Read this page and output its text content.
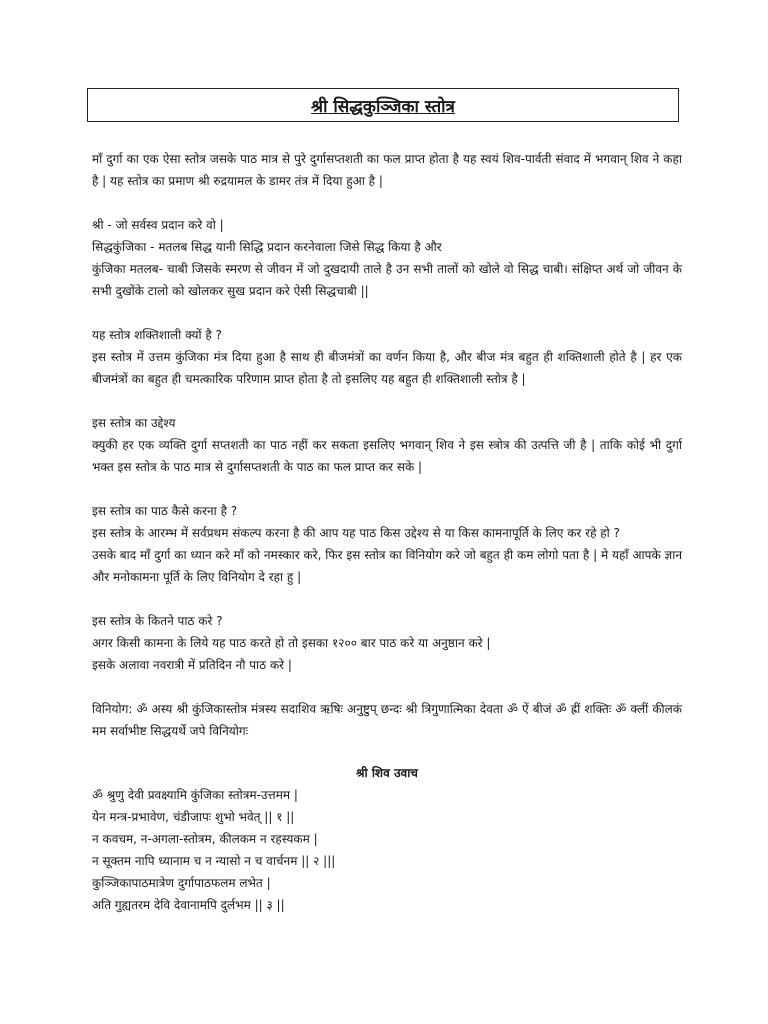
श्री सिद्धकुञ्जिका स्तोत्र

माँ दुर्गा का एक ऐसा स्तोत्र जसके पाठ मात्र से पुरे दुर्गासप्तशती का फल प्राप्त होता है यह स्वयं शिव-पार्वती संवाद में भगवान् शिव ने कहा है | यह स्तोत्र का प्रमाण श्री रुद्रयामल के डामर तंत्र में दिया हुआ है |

श्री - जो सर्वस्व प्रदान करे वो |

सिद्धकुंजिका - मतलब सिद्ध यानी सिद्धि प्रदान करनेवाला जिसे सिद्ध किया है और

कुंजिका मतलब- चाबी जिसके स्मरण से जीवन में जो दुखदायी ताले है उन सभी तालों को खोले वो सिद्ध चाबी। संक्षिप्त अर्थ जो जीवन के सभी दुखोंके टालो को खोलकर सुख प्रदान करे ऐसी सिद्धचाबी ||

यह स्तोत्र शक्तिशाली क्यों है ?

इस स्तोत्र में उत्तम कुंजिका मंत्र दिया हुआ है साथ ही बीजमंत्रों का वर्णन किया है, और बीज मंत्र बहुत ही शक्तिशाली होते है | हर एक बीजमंत्रों का बहुत ही चमत्कारिक परिणाम प्राप्त होता है तो इसलिए यह बहुत ही शक्तिशाली स्तोत्र है |

इस स्तोत्र का उद्देश्य

क्युकी हर एक व्यक्ति दुर्गा सप्तशती का पाठ नहीं कर सकता इसलिए भगवान् शिव ने इस स्त्रोत्र की उत्पत्ति जी है | ताकि कोई भी दुर्गा भक्त इस स्तोत्र के पाठ मात्र से दुर्गासप्तशती के पाठ का फल प्राप्त कर सके |

इस स्तोत्र का पाठ कैसे करना है ?

इस स्तोत्र के आरम्भ में सर्वप्रथम संकल्प करना है की आप यह पाठ किस उद्देश्य से या किस कामनापूर्ति के लिए कर रहे हो ?

उसके बाद माँ दुर्गा का ध्यान करे माँ को नमस्कार करे, फिर इस स्तोत्र का विनियोग करे जो बहुत ही कम लोगो पता है | मे यहाँ आपके ज्ञान और मनोकामना पूर्ति के लिए विनियोग दे रहा हु |

इस स्तोत्र के कितने पाठ करे ?

अगर किसी कामना के लिये यह पाठ करते हो तो इसका १२०० बार पाठ करे या अनुष्ठान करे |

इसके अलावा नवरात्री में प्रतिदिन नौ पाठ करे |

विनियोग: ॐ अस्य श्री कुंजिकास्तोत्र मंत्रस्य सदाशिव ऋषिः अनुष्टुप् छन्दः श्री त्रिगुणात्मिका देवता ॐ ऐं बीजं ॐ ह्रीं शक्तिः ॐ क्लीं कीलकं मम सर्वाभीष्ट सिद्धयर्थे जपे विनियोगः

श्री शिव उवाच

ॐ श्रुणु देवी प्रवक्ष्यामि कुंजिका स्तोत्रम-उत्तमम |

येन मन्त्र-प्रभावेण, चंडीजापः शुभो भवेत् || १ ||

न कवचम, न-अगला-स्तोत्रम, कीलकम न रहस्यकम |

न सूक्तम नापि ध्यानाम च न न्यासो न च वार्चनम || २ |||

कुञ्जिकापाठमात्रेण दुर्गापाठफलम लभेत |

अति गुह्यतरम देवि देवानामपि दुर्लभम || ३ ||
